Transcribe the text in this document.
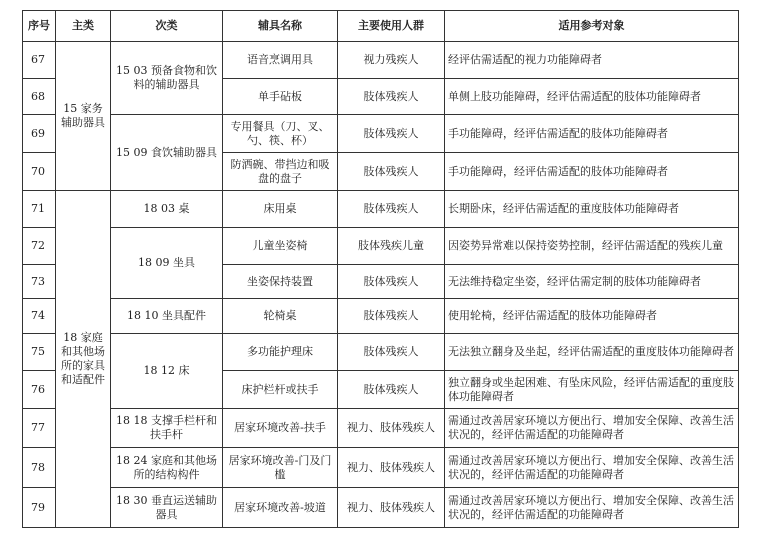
序号	主类	次类	辅具名称	主要使用人群	适用参考对象
67	15 家务辅助器具	15 03 预备食物和饮料的辅助器具	语音烹调用具	视力残疾人	经评估需适配的视力功能障碍者
68			单手砧板	肢体残疾人	单侧上肢功能障碍，经评估需适配的肢体功能障碍者
69		15 09 食饮辅助器具	专用餐具（刀、叉、勺、筷、杯）	肢体残疾人	手功能障碍，经评估需适配的肢体功能障碍者
70			防洒碗、带挡边和吸盘的盘子	肢体残疾人	手功能障碍，经评估需适配的肢体功能障碍者
71	18 家庭和其他场所的家具和适配件	18 03 桌	床用桌	肢体残疾人	长期卧床，经评估需适配的重度肢体功能障碍者
72		18 09 坐具	儿童坐姿椅	肢体残疾儿童	因姿势异常难以保持姿势控制，经评估需适配的残疾儿童
73			坐姿保持装置	肢体残疾人	无法维持稳定坐姿，经评估需定制的肢体功能障碍者
74		18 10 坐具配件	轮椅桌	肢体残疾人	使用轮椅，经评估需适配的肢体功能障碍者
75		18 12 床	多功能护理床	肢体残疾人	无法独立翻身及坐起，经评估需适配的重度肢体功能障碍者
76			床护栏杆或扶手	肢体残疾人	独立翻身或坐起困难、有坠床风险，经评估需适配的重度肢体功能障碍者
77		18 18 支撑手栏杆和扶手杆	居家环境改善-扶手	视力、肢体残疾人	需通过改善居家环境以方便出行、增加安全保障、改善生活状况的，经评估需适配的功能障碍者
78		18 24 家庭和其他场所的结构构件	居家环境改善-门及门槛	视力、肢体残疾人	需通过改善居家环境以方便出行、增加安全保障、改善生活状况的，经评估需适配的功能障碍者
79		18 30 垂直运送辅助器具	居家环境改善-坡道	视力、肢体残疾人	需通过改善居家环境以方便出行、增加安全保障、改善生活状况的，经评估需适配的功能障碍者
